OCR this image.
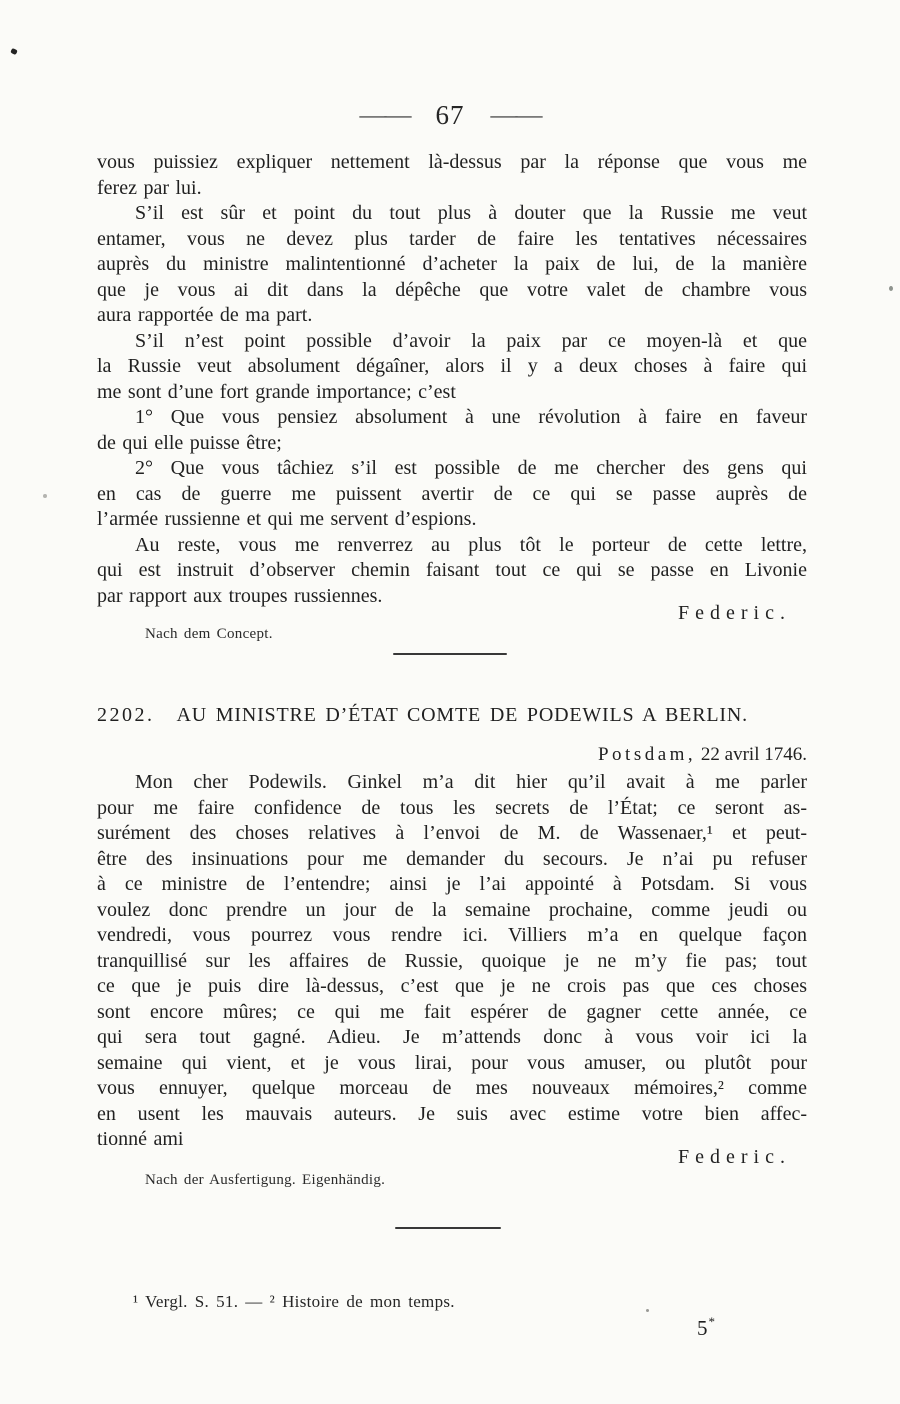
—— 67 ——
vous puissiez expliquer nettement là-dessus par la réponse que vous me
ferez par lui.
S’il est sûr et point du tout plus à douter que la Russie me veut
entamer, vous ne devez plus tarder de faire les tentatives nécessaires
auprès du ministre malintentionné d’acheter la paix de lui, de la manière
que je vous ai dit dans la dépêche que votre valet de chambre vous
aura rapportée de ma part.
S’il n’est point possible d’avoir la paix par ce moyen-là et que
la Russie veut absolument dégaîner, alors il y a deux choses à faire qui
me sont d’une fort grande importance; c’est
1° Que vous pensiez absolument à une révolution à faire en faveur
de qui elle puisse être;
2° Que vous tâchiez s’il est possible de me chercher des gens qui
en cas de guerre me puissent avertir de ce qui se passe auprès de
l’armée russienne et qui me servent d’espions.
Au reste, vous me renverrez au plus tôt le porteur de cette lettre,
qui est instruit d’observer chemin faisant tout ce qui se passe en Livonie
par rapport aux troupes russiennes.
Federic.
Nach dem Concept.
2202. AU MINISTRE D’ÉTAT COMTE DE PODEWILS A BERLIN.
Potsdam, 22 avril 1746.
Mon cher Podewils. Ginkel m’a dit hier qu’il avait à me parler
pour me faire confidence de tous les secrets de l’État; ce seront as-
surément des choses relatives à l’envoi de M. de Wassenaer,¹ et peut-
être des insinuations pour me demander du secours. Je n’ai pu refuser
à ce ministre de l’entendre; ainsi je l’ai appointé à Potsdam. Si vous
voulez donc prendre un jour de la semaine prochaine, comme jeudi ou
vendredi, vous pourrez vous rendre ici. Villiers m’a en quelque façon
tranquillisé sur les affaires de Russie, quoique je ne m’y fie pas; tout
ce que je puis dire là-dessus, c’est que je ne crois pas que ces choses
sont encore mûres; ce qui me fait espérer de gagner cette année, ce
qui sera tout gagné. Adieu. Je m’attends donc à vous voir ici la
semaine qui vient, et je vous lirai, pour vous amuser, ou plutôt pour
vous ennuyer, quelque morceau de mes nouveaux mémoires,² comme
en usent les mauvais auteurs. Je suis avec estime votre bien affec-
tionné ami
Federic.
Nach der Ausfertigung. Eigenhändig.
¹ Vergl. S. 51. — ² Histoire de mon temps.
5*
